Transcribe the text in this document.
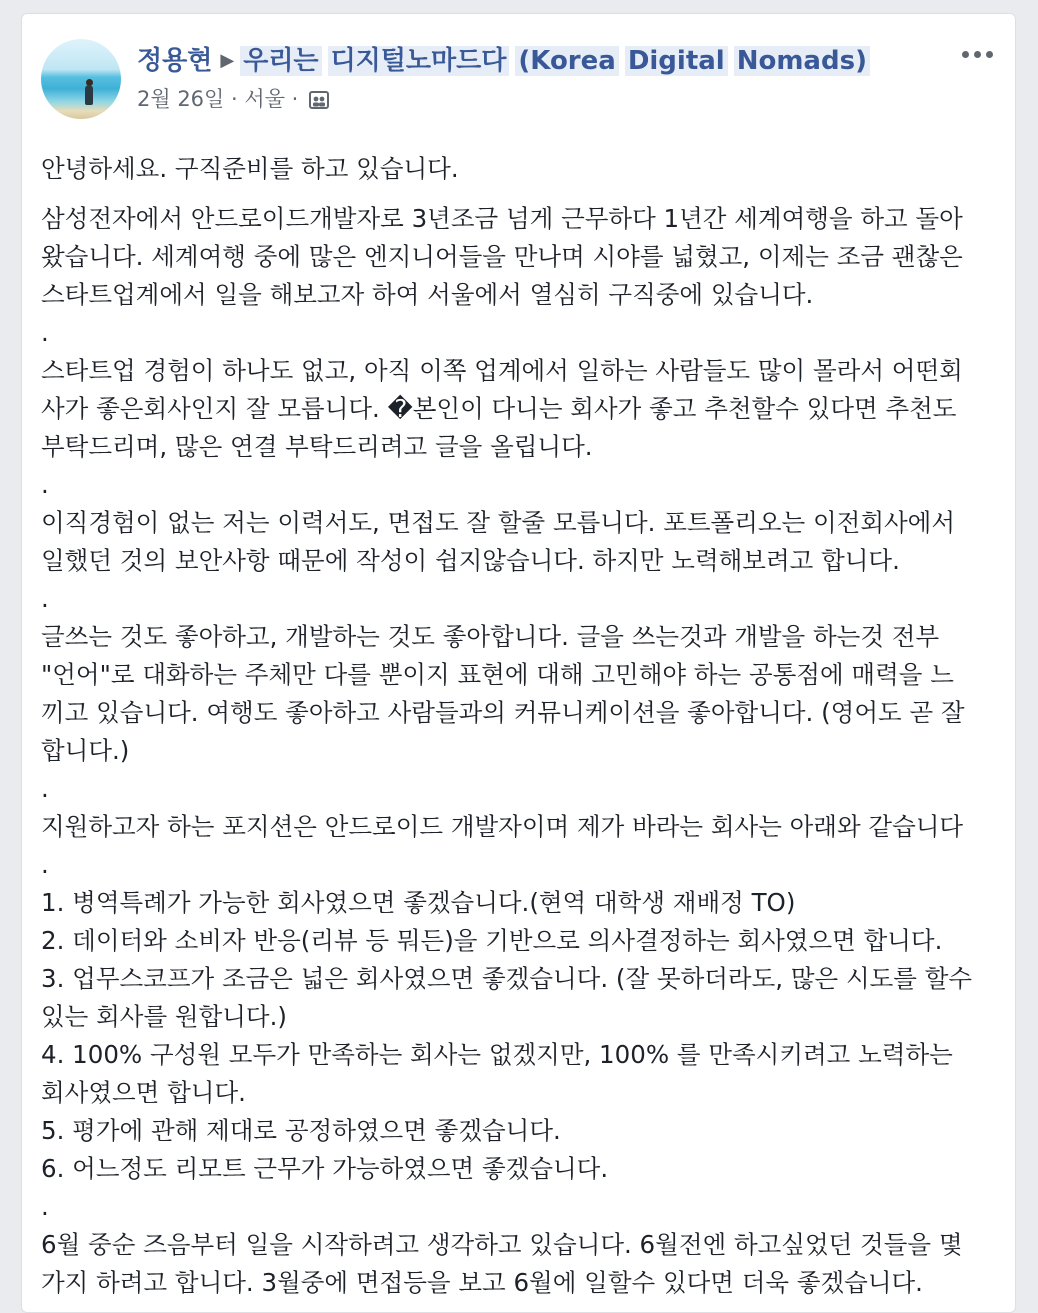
정용현 ▶ 우리는 디지털노마드다 (Korea Digital Nomads)
2월 26일 · 서울 ·

안녕하세요. 구직준비를 하고 있습니다.

삼성전자에서 안드로이드개발자로 3년조금 넘게 근무하다 1년간 세계여행을 하고 돌아

왔습니다. 세계여행 중에 많은 엔지니어들을 만나며 시야를 넓혔고, 이제는 조금 괜찮은

스타트업계에서 일을 해보고자 하여 서울에서 열심히 구직중에 있습니다.

.

스타트업 경험이 하나도 없고, 아직 이쪽 업계에서 일하는 사람들도 많이 몰라서 어떤회

사가 좋은회사인지 잘 모릅니다. �본인이 다니는 회사가 좋고 추천할수 있다면 추천도

부탁드리며, 많은 연결 부탁드리려고 글을 올립니다.

.

이직경험이 없는 저는 이력서도, 면접도 잘 할줄 모릅니다. 포트폴리오는 이전회사에서

일했던 것의 보안사항 때문에 작성이 쉽지않습니다. 하지만 노력해보려고 합니다.

.

글쓰는 것도 좋아하고, 개발하는 것도 좋아합니다. 글을 쓰는것과 개발을 하는것 전부

"언어"로 대화하는 주체만 다를 뿐이지 표현에 대해 고민해야 하는 공통점에 매력을 느

끼고 있습니다. 여행도 좋아하고 사람들과의 커뮤니케이션을 좋아합니다. (영어도 곧 잘

합니다.)

.

지원하고자 하는 포지션은 안드로이드 개발자이며 제가 바라는 회사는 아래와 같습니다

.

1. 병역특례가 가능한 회사였으면 좋겠습니다.(현역 대학생 재배정 TO)

2. 데이터와 소비자 반응(리뷰 등 뭐든)을 기반으로 의사결정하는 회사였으면 합니다.

3. 업무스코프가 조금은 넓은 회사였으면 좋겠습니다. (잘 못하더라도, 많은 시도를 할수

있는 회사를 원합니다.)

4. 100% 구성원 모두가 만족하는 회사는 없겠지만, 100% 를 만족시키려고 노력하는

회사였으면 합니다.

5. 평가에 관해 제대로 공정하였으면 좋겠습니다.

6. 어느정도 리모트 근무가 가능하였으면 좋겠습니다.

.

6월 중순 즈음부터 일을 시작하려고 생각하고 있습니다. 6월전엔 하고싶었던 것들을 몇

가지 하려고 합니다. 3월중에 면접등을 보고 6월에 일할수 있다면 더욱 좋겠습니다.
